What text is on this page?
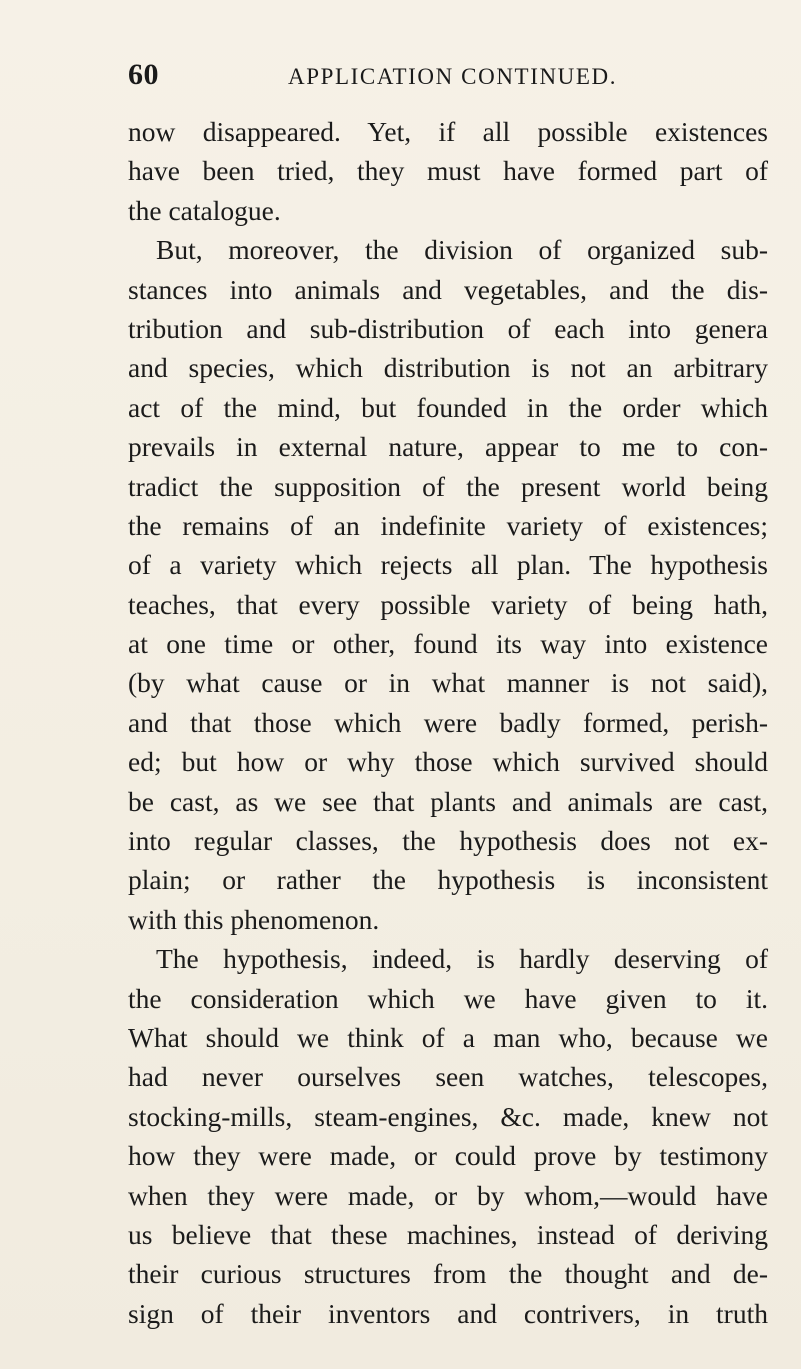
60	APPLICATION CONTINUED.
now disappeared. Yet, if all possible existences
have been tried, they must have formed part of
the catalogue.
But, moreover, the division of organized sub-
stances into animals and vegetables, and the dis-
tribution and sub-distribution of each into genera
and species, which distribution is not an arbitrary
act of the mind, but founded in the order which
prevails in external nature, appear to me to con-
tradict the supposition of the present world being
the remains of an indefinite variety of existences;
of a variety which rejects all plan. The hypothesis
teaches, that every possible variety of being hath,
at one time or other, found its way into existence
(by what cause or in what manner is not said),
and that those which were badly formed, perish-
ed; but how or why those which survived should
be cast, as we see that plants and animals are cast,
into regular classes, the hypothesis does not ex-
plain; or rather the hypothesis is inconsistent
with this phenomenon.
The hypothesis, indeed, is hardly deserving of
the consideration which we have given to it.
What should we think of a man who, because we
had never ourselves seen watches, telescopes,
stocking-mills, steam-engines, &c. made, knew not
how they were made, or could prove by testimony
when they were made, or by whom,—would have
us believe that these machines, instead of deriving
their curious structures from the thought and de-
sign of their inventors and contrivers, in truth
